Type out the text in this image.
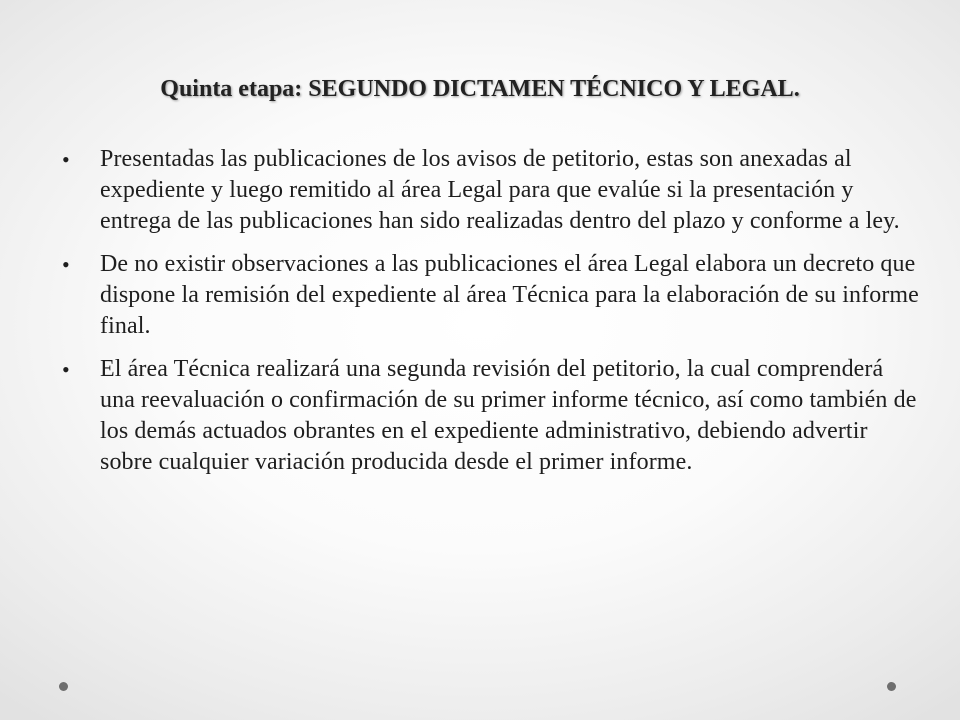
Quinta etapa: SEGUNDO DICTAMEN TÉCNICO Y LEGAL.
•	Presentadas las publicaciones de los avisos de petitorio, estas son anexadas al expediente y luego remitido al área Legal para que evalúe si la presentación y entrega de las publicaciones han sido realizadas dentro del plazo y conforme a ley.
•	De no existir observaciones a las publicaciones el área Legal elabora un decreto que dispone la remisión del expediente al área Técnica para la elaboración de su informe final.
•	El área Técnica realizará una segunda revisión del petitorio, la cual comprenderá una reevaluación o confirmación de su primer informe técnico, así como también de los demás actuados obrantes en el expediente administrativo, debiendo advertir sobre cualquier variación producida desde el primer informe.
